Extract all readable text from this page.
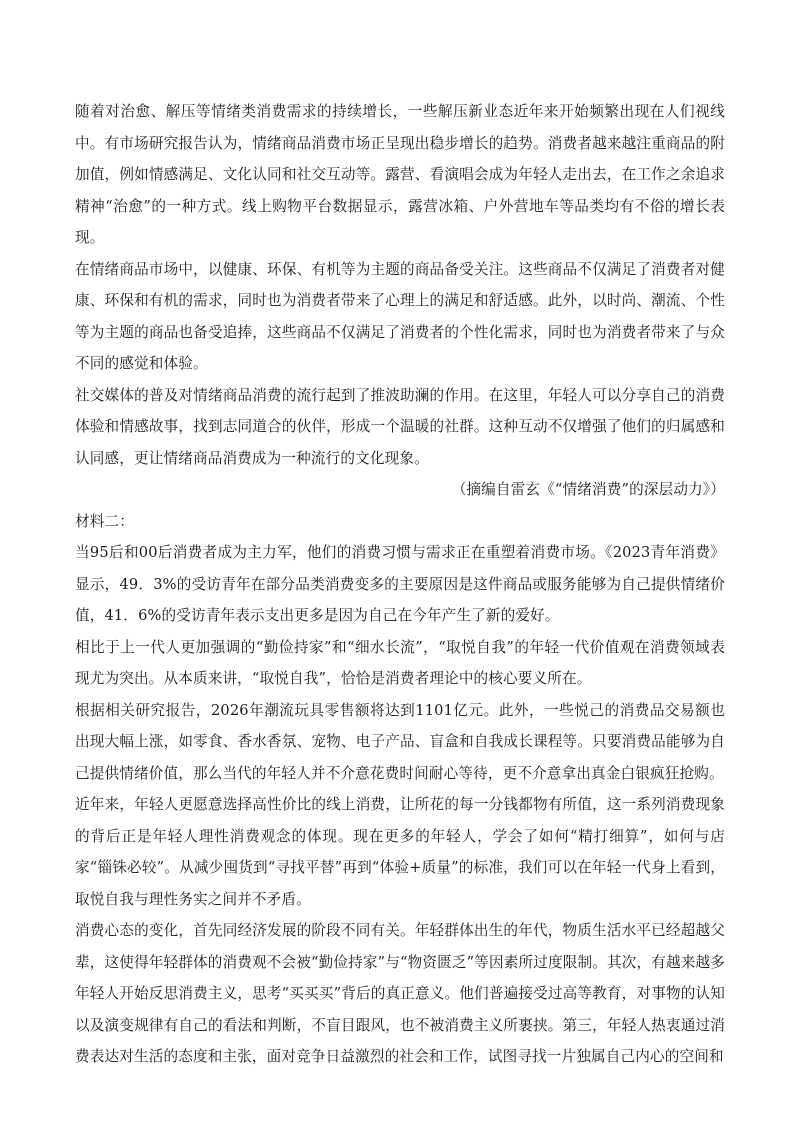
随着对治愈、解压等情绪类消费需求的持续增长，一些解压新业态近年来开始频繁出现在人们视线中。有市场研究报告认为，情绪商品消费市场正呈现出稳步增长的趋势。消费者越来越注重商品的附加值，例如情感满足、文化认同和社交互动等。露营、看演唱会成为年轻人走出去，在工作之余追求精神“治愈”的一种方式。线上购物平台数据显示，露营冰箱、户外营地车等品类均有不俗的增长表现。

在情绪商品市场中，以健康、环保、有机等为主题的商品备受关注。这些商品不仅满足了消费者对健康、环保和有机的需求，同时也为消费者带来了心理上的满足和舒适感。此外，以时尚、潮流、个性等为主题的商品也备受追捧，这些商品不仅满足了消费者的个性化需求，同时也为消费者带来了与众不同的感觉和体验。

社交媒体的普及对情绪商品消费的流行起到了推波助澜的作用。在这里，年轻人可以分享自己的消费体验和情感故事，找到志同道合的伙伴，形成一个温暖的社群。这种互动不仅增强了他们的归属感和认同感，更让情绪商品消费成为一种流行的文化现象。

（摘编自雷玄《“情绪消费”的深层动力》）

材料二：

当95后和00后消费者成为主力军，他们的消费习惯与需求正在重塑着消费市场。《2023青年消费》显示，49．3%的受访青年在部分品类消费变多的主要原因是这件商品或服务能够为自己提供情绪价值，41．6%的受访青年表示支出更多是因为自己在今年产生了新的爱好。

相比于上一代人更加强调的“勤俭持家”和“细水长流”，“取悦自我”的年轻一代价值观在消费领域表现尤为突出。从本质来讲，“取悦自我”，恰恰是消费者理论中的核心要义所在。

根据相关研究报告，2026年潮流玩具零售额将达到1101亿元。此外，一些悦己的消费品交易额也出现大幅上涨，如零食、香水香氛、宠物、电子产品、盲盒和自我成长课程等。只要消费品能够为自己提供情绪价值，那么当代的年轻人并不介意花费时间耐心等待，更不介意拿出真金白银疯狂抢购。

近年来，年轻人更愿意选择高性价比的线上消费，让所花的每一分钱都物有所值，这一系列消费现象的背后正是年轻人理性消费观念的体现。现在更多的年轻人，学会了如何“精打细算”，如何与店家“锱铢必较”。从减少囤货到“寻找平替”再到“体验+质量”的标准，我们可以在年轻一代身上看到，取悦自我与理性务实之间并不矛盾。

消费心态的变化，首先同经济发展的阶段不同有关。年轻群体出生的年代，物质生活水平已经超越父辈，这使得年轻群体的消费观不会被“勤俭持家”与“物资匮乏”等因素所过度限制。其次，有越来越多年轻人开始反思消费主义，思考“买买买”背后的真正意义。他们普遍接受过高等教育，对事物的认知以及演变规律有自己的看法和判断，不盲目跟风，也不被消费主义所裹挟。第三，年轻人热衷通过消费表达对生活的态度和主张，面对竞争日益激烈的社会和工作，试图寻找一片独属自己内心的空间和
